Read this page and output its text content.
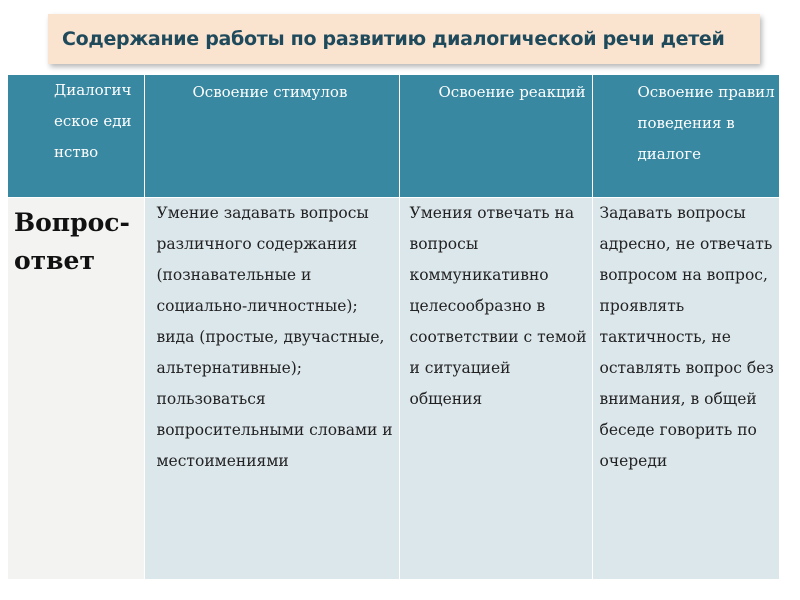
Содержание работы по развитию диалогической речи детей
Диалогическое единство	Освоение стимулов	Освоение реакций	Освоение правил поведения в диалоге

Вопрос-ответ	Умение задавать вопросы различного содержания (познавательные и социально-личностные); вида (простые, двучастные, альтернативные); пользоваться вопросительными словами и местоимениями	Умения отвечать на вопросы коммуникативно целесообразно в соответствии с темой и ситуацией общения	Задавать вопросы адресно, не отвечать вопросом на вопрос, проявлять тактичность, не оставлять вопрос без внимания, в общей беседе говорить по очереди
